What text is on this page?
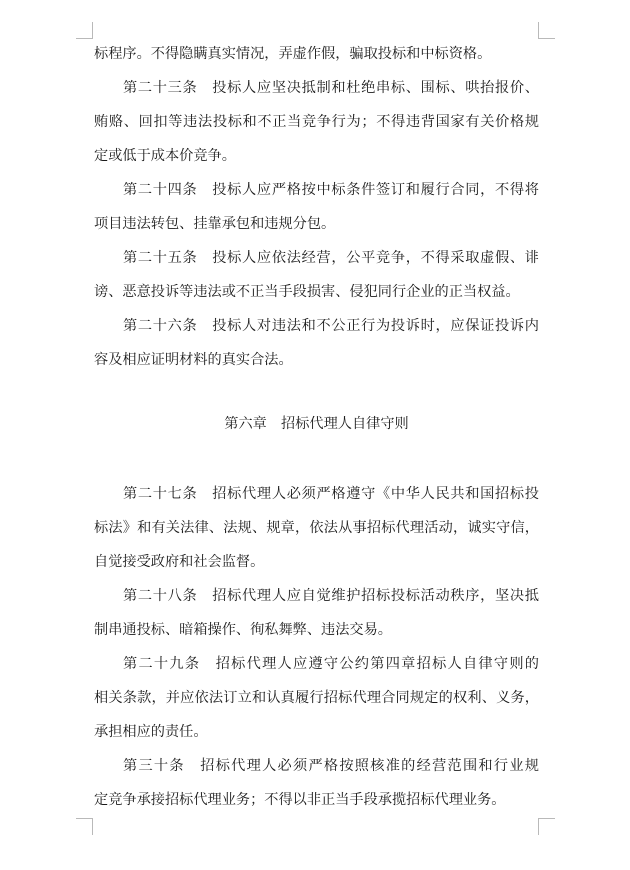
标程序。不得隐瞒真实情况，弄虚作假，骗取投标和中标资格。
第二十三条　投标人应坚决抵制和杜绝串标、围标、哄抬报价、
贿赂、回扣等违法投标和不正当竞争行为；不得违背国家有关价格规
定或低于成本价竞争。
第二十四条　投标人应严格按中标条件签订和履行合同，不得将
项目违法转包、挂靠承包和违规分包。
第二十五条　投标人应依法经营，公平竞争，不得采取虚假、诽
谤、恶意投诉等违法或不正当手段损害、侵犯同行企业的正当权益。
第二十六条　投标人对违法和不公正行为投诉时，应保证投诉内
容及相应证明材料的真实合法。
第六章　招标代理人自律守则
第二十七条　招标代理人必须严格遵守《中华人民共和国招标投
标法》和有关法律、法规、规章，依法从事招标代理活动，诚实守信，
自觉接受政府和社会监督。
第二十八条　招标代理人应自觉维护招标投标活动秩序，坚决抵
制串通投标、暗箱操作、徇私舞弊、违法交易。
第二十九条　招标代理人应遵守公约第四章招标人自律守则的
相关条款，并应依法订立和认真履行招标代理合同规定的权利、义务，
承担相应的责任。
第三十条　招标代理人必须严格按照核准的经营范围和行业规
定竞争承接招标代理业务；不得以非正当手段承揽招标代理业务。
